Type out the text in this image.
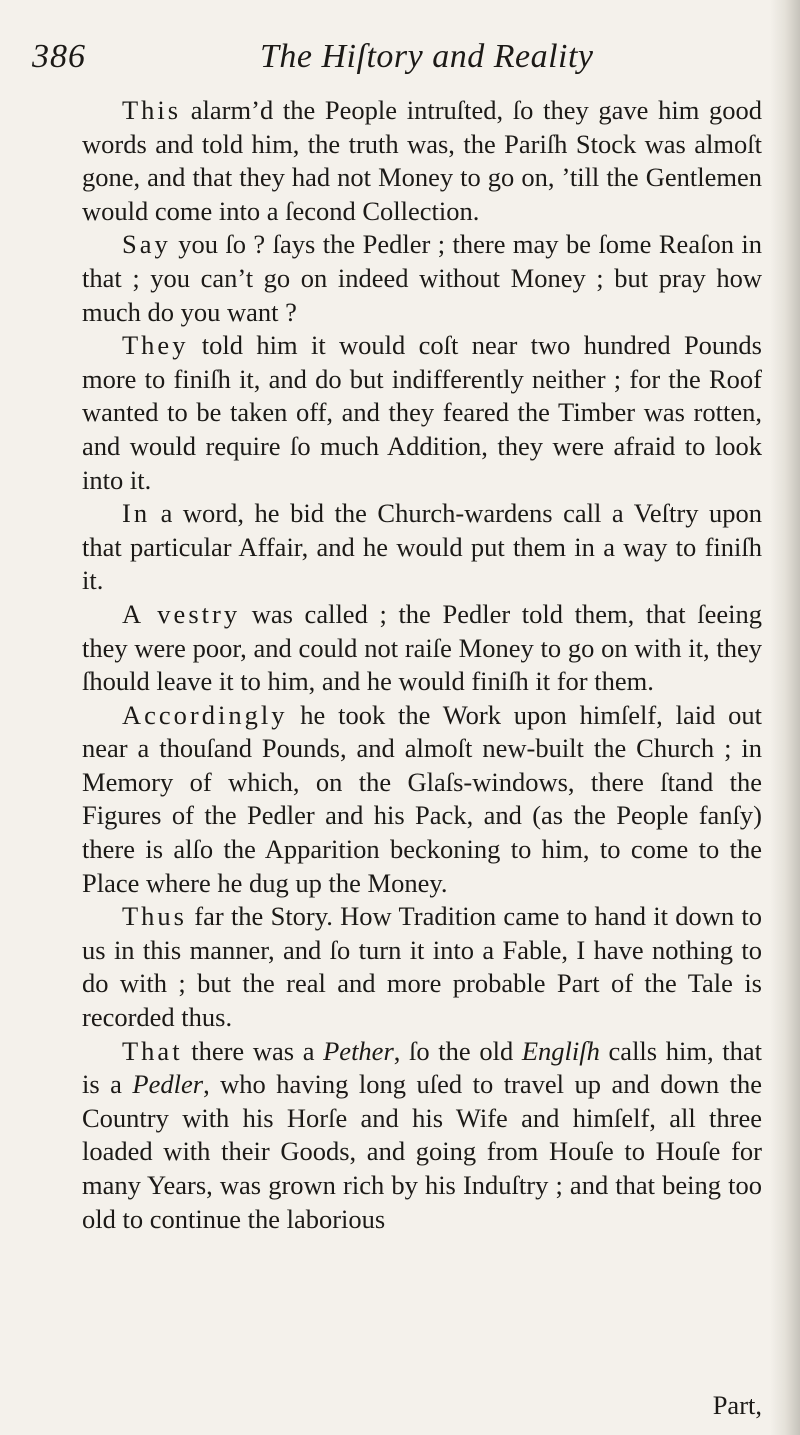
386	The Hiſtory and Reality

This alarm’d the People intruſted, ſo they gave him good words and told him, the truth was, the Pariſh Stock was almoſt gone, and that they had not Money to go on, ’till the Gentlemen would come into a ſecond Collection.

Say you ſo ? ſays the Pedler ; there may be ſome Reaſon in that ; you can’t go on indeed without Money ; but pray how much do you want ?

They told him it would coſt near two hundred Pounds more to finiſh it, and do but indifferently neither ; for the Roof wanted to be taken off, and they feared the Timber was rotten, and would require ſo much Addition, they were afraid to look into it.

In a word, he bid the Church-wardens call a Veſtry upon that particular Affair, and he would put them in a way to finiſh it.

A vestry was called ; the Pedler told them, that ſeeing they were poor, and could not raiſe Money to go on with it, they ſhould leave it to him, and he would finiſh it for them.

Accordingly he took the Work upon himſelf, laid out near a thouſand Pounds, and almoſt new-built the Church ; in Memory of which, on the Glaſs-windows, there ſtand the Figures of the Pedler and his Pack, and (as the People fanſy) there is alſo the Apparition beckoning to him, to come to the Place where he dug up the Money.

Thus far the Story. How Tradition came to hand it down to us in this manner, and ſo turn it into a Fable, I have nothing to do with ; but the real and more probable Part of the Tale is recorded thus.

That there was a Pether, ſo the old Engliſh calls him, that is a Pedler, who having long uſed to travel up and down the Country with his Horſe and his Wife and himſelf, all three loaded with their Goods, and going from Houſe to Houſe for many Years, was grown rich by his Induſtry ; and that being too old to continue the laborious

Part,
